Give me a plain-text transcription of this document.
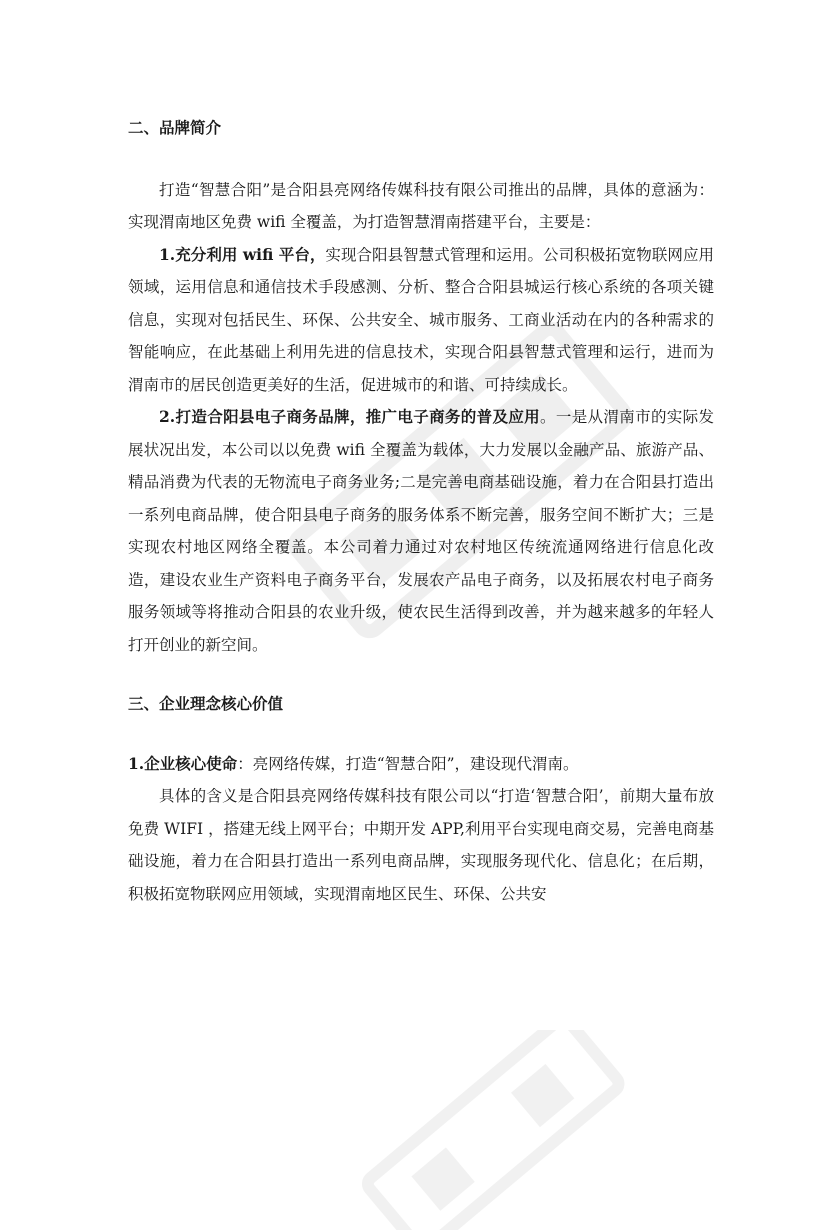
二、品牌简介

打造“智慧合阳”是合阳县亮网络传媒科技有限公司推出的品牌，具体的意涵为：实现渭南地区免费 wifi 全覆盖，为打造智慧渭南搭建平台，主要是：

1.充分利用 wifi 平台，实现合阳县智慧式管理和运用。公司积极拓宽物联网应用领域，运用信息和通信技术手段感测、分析、整合合阳县城运行核心系统的各项关键信息，实现对包括民生、环保、公共安全、城市服务、工商业活动在内的各种需求的智能响应，在此基础上利用先进的信息技术，实现合阳县智慧式管理和运行，进而为渭南市的居民创造更美好的生活，促进城市的和谐、可持续成长。

2.打造合阳县电子商务品牌，推广电子商务的普及应用。一是从渭南市的实际发展状况出发，本公司以以免费 wifi 全覆盖为载体，大力发展以金融产品、旅游产品、精品消费为代表的无物流电子商务业务;二是完善电商基础设施，着力在合阳县打造出一系列电商品牌，使合阳县电子商务的服务体系不断完善，服务空间不断扩大；三是实现农村地区网络全覆盖。本公司着力通过对农村地区传统流通网络进行信息化改造，建设农业生产资料电子商务平台，发展农产品电子商务，以及拓展农村电子商务服务领域等将推动合阳县的农业升级，使农民生活得到改善，并为越来越多的年轻人打开创业的新空间。

三、企业理念核心价值

1.企业核心使命：亮网络传媒，打造“智慧合阳”，建设现代渭南。

具体的含义是合阳县亮网络传媒科技有限公司以“打造‘智慧合阳’，前期大量布放免费 WIFI ，搭建无线上网平台；中期开发 APP,利用平台实现电商交易，完善电商基础设施，着力在合阳县打造出一系列电商品牌，实现服务现代化、信息化；在后期，积极拓宽物联网应用领域，实现渭南地区民生、环保、公共安
